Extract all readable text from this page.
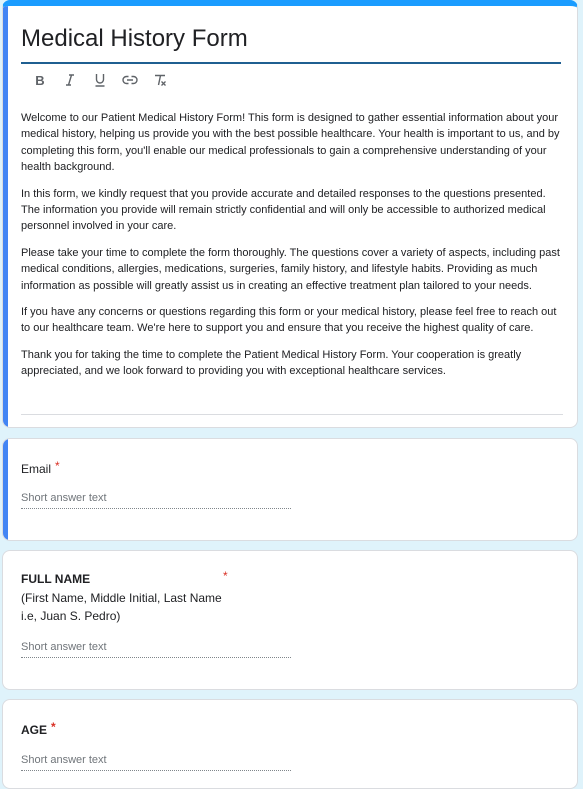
Medical History Form
B

Welcome to our Patient Medical History Form! This form is designed to gather essential information about your medical history, helping us provide you with the best possible healthcare. Your health is important to us, and by completing this form, you'll enable our medical professionals to gain a comprehensive understanding of your health background.

In this form, we kindly request that you provide accurate and detailed responses to the questions presented. The information you provide will remain strictly confidential and will only be accessible to authorized medical personnel involved in your care.

Please take your time to complete the form thoroughly. The questions cover a variety of aspects, including past medical conditions, allergies, medications, surgeries, family history, and lifestyle habits. Providing as much information as possible will greatly assist us in creating an effective treatment plan tailored to your needs.

If you have any concerns or questions regarding this form or your medical history, please feel free to reach out to our healthcare team. We're here to support you and ensure that you receive the highest quality of care.

Thank you for taking the time to complete the Patient Medical History Form. Your cooperation is greatly appreciated, and we look forward to providing you with exceptional healthcare services.

Email *
Short answer text
FULL NAME	*
(First Name, Middle Initial, Last Name
i.e, Juan S. Pedro)
Short answer text
AGE *
Short answer text
